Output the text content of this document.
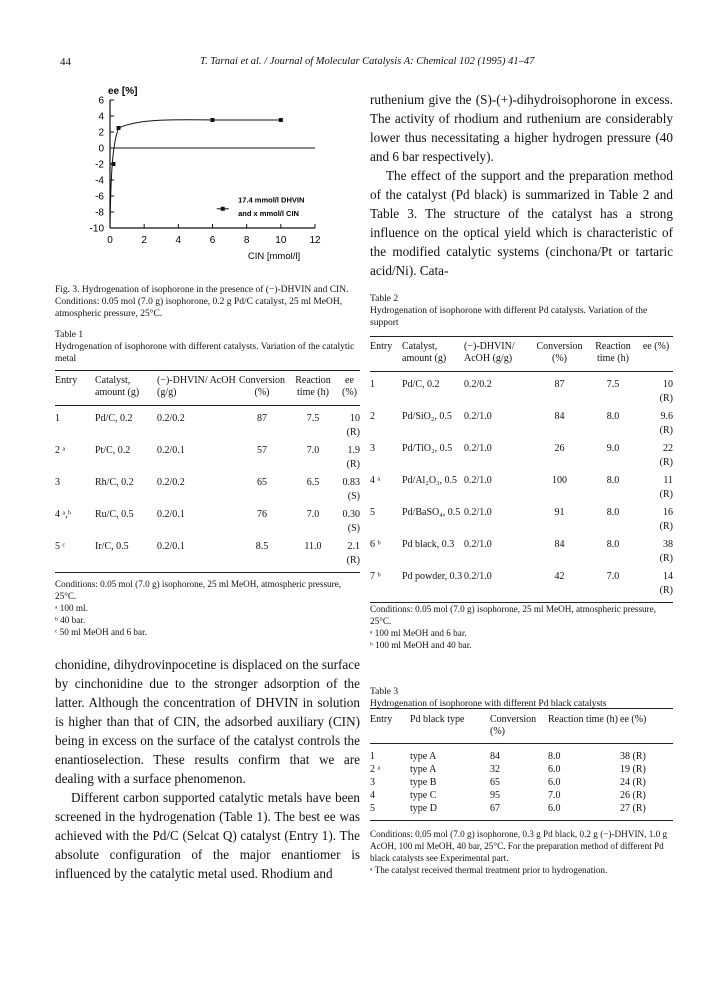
44	T. Tarnai et al. / Journal of Molecular Catalysis A: Chemical 102 (1995) 41–47
ee [%]
6
4
2
0
-2
-4
-6
-8
-10
0	2	4	6	8	10 12
CIN [mmol/l]
17.4 mmol/l DHVIN
and x mmol/l CIN
Fig. 3. Hydrogenation of isophorone in the presence of (−)-DHVIN and CIN. Conditions: 0.05 mol (7.0 g) isophorone, 0.2 g Pd/C catalyst, 25 ml MeOH, atmospheric pressure, 25°C.
Table 1
Hydrogenation of isophorone with different catalysts. Variation of the catalytic metal
Entry	Catalyst, amount (g)	(−)-DHVIN/ AcOH (g/g)	Conversion (%)	Reaction time (h)	ee (%)
1	Pd/C, 0.2	0.2/0.2	87	7.5	10
(R)

2 ᵃ	Pt/C, 0.2	0.2/0.1	57	7.0	1.9
(R)

3	Rh/C, 0.2	0.2/0.2	65	6.5	0.83
(S)

4 ᵃ,ᵇ	Ru/C, 0.5	0.2/0.1	76	7.0	0.30
(S)

5 ᶜ	Ir/C, 0.5	0.2/0.1	8.5	11.0	2.1
(R)
Conditions: 0.05 mol (7.0 g) isophorone, 25 ml MeOH, atmospheric pressure, 25°C.
ᵃ 100 ml.
ᵇ 40 bar.
ᶜ 50 ml MeOH and 6 bar.

chonidine, dihydrovinpocetine is displaced on the surface by cinchonidine due to the stronger adsorption of the latter. Although the concentration of DHVIN in solution is higher than that of CIN, the adsorbed auxiliary (CIN) being in excess on the surface of the catalyst controls the enantioselection. These results confirm that we are dealing with a surface phenomenon.

Different carbon supported catalytic metals have been screened in the hydrogenation (Table 1). The best ee was achieved with the Pd/C (Selcat Q) catalyst (Entry 1). The absolute configuration of the major enantiomer is influenced by the catalytic metal used. Rhodium and

ruthenium give the (S)-(+)-dihydroisophorone in excess. The activity of rhodium and ruthenium are considerably lower thus necessitating a higher hydrogen pressure (40 and 6 bar respectively).

The effect of the support and the preparation method of the catalyst (Pd black) is summarized in Table 2 and Table 3. The structure of the catalyst has a strong influence on the optical yield which is characteristic of the modified catalytic systems (cinchona/Pt or tartaric acid/Ni). Cata-

Table 2
Hydrogenation of isophorone with different Pd catalysts. Variation of the support
Entry	Catalyst, amount (g)	(−)-DHVIN/ AcOH (g/g)	Conversion (%)	Reaction time (h)	ee (%)
1	Pd/C, 0.2	0.2/0.2	87	7.5	10
(R)

2	Pd/SiO₂, 0.5	0.2/1.0	84	8.0	9.6
(R)

3	Pd/TiO₂, 0.5	0.2/1.0	26	9.0	22
(R)

4 ᵃ	Pd/Al₂O₃, 0.5	0.2/1.0	100	8.0	11
(R)

5	Pd/BaSO₄, 0.5	0.2/1.0	91	8.0	16
(R)

6 ᵇ	Pd black, 0.3	0.2/1.0	84	8.0	38
(R)

7 ᵇ	Pd powder, 0.3	0.2/1.0	42	7.0	14
(R)
Conditions: 0.05 mol (7.0 g) isophorone, 25 ml MeOH, atmospheric pressure, 25°C.
ᵃ 100 ml MeOH and 6 bar.
ᵇ 100 ml MeOH and 40 bar.
Table 3
Hydrogenation of isophorone with different Pd black catalysts
Entry	Pd black type	Conversion (%)	Reaction time (h)	ee (%)
1	type A	84	8.0	38 (R)
2 ᵃ	type A	32	6.0	19 (R)
3	type B	65	6.0	24 (R)
4	type C	95	7.0	26 (R)
5	type D	67	6.0	27 (R)
Conditions: 0.05 mol (7.0 g) isophorone, 0.3 g Pd black, 0.2 g (−)-DHVIN, 1.0 g AcOH, 100 ml MeOH, 40 bar, 25°C. For the preparation method of different Pd black catalysts see Experimental part.
ᵃ The catalyst received thermal treatment prior to hydrogenation.
